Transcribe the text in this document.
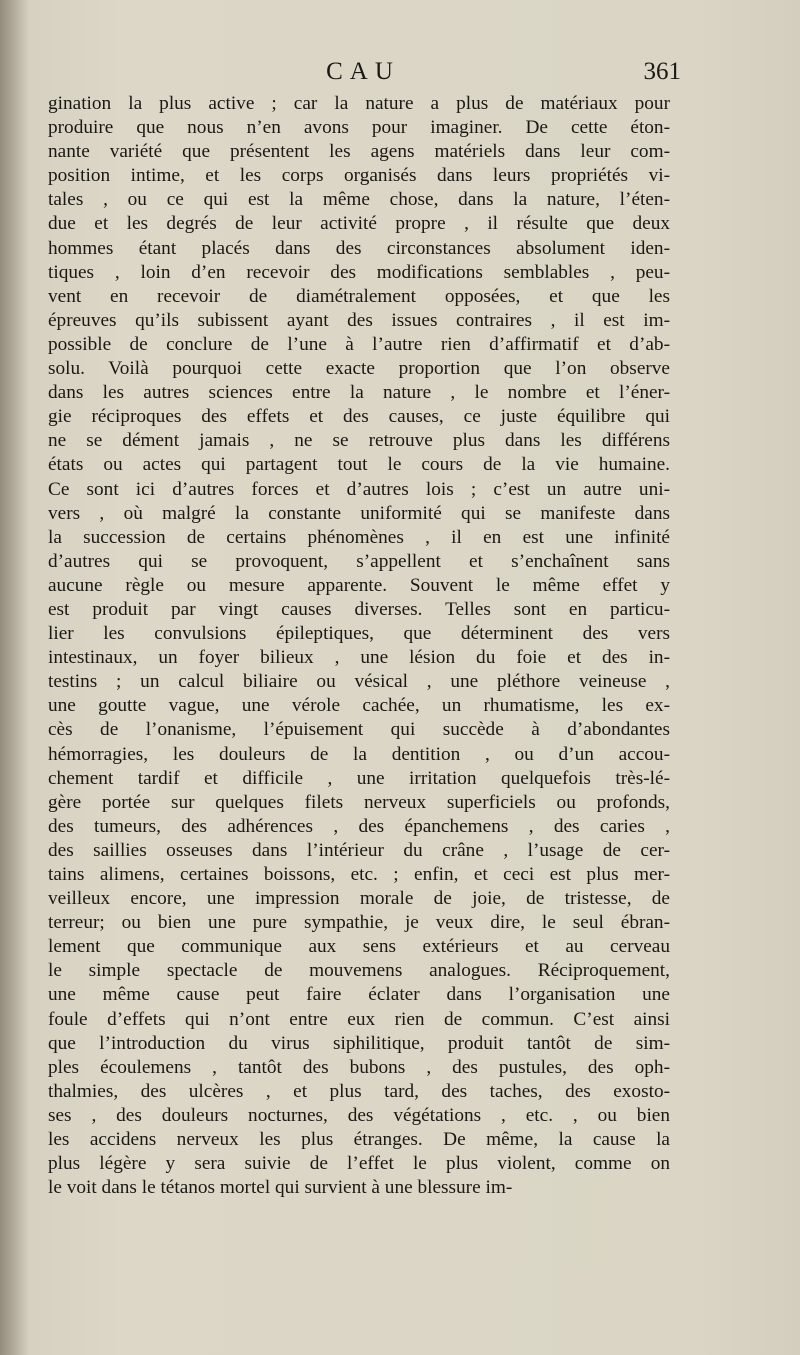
CAU	361
gination la plus active ; car la nature a plus de matériaux pour
produire que nous n’en avons pour imaginer. De cette éton-
nante variété que présentent les agens matériels dans leur com-
position intime, et les corps organisés dans leurs propriétés vi-
tales , ou ce qui est la même chose, dans la nature, l’éten-
due et les degrés de leur activité propre , il résulte que deux
hommes étant placés dans des circonstances absolument iden-
tiques , loin d’en recevoir des modifications semblables , peu-
vent en recevoir de diamétralement opposées, et que les
épreuves qu’ils subissent ayant des issues contraires , il est im-
possible de conclure de l’une à l’autre rien d’affirmatif et d’ab-
solu. Voilà pourquoi cette exacte proportion que l’on observe
dans les autres sciences entre la nature , le nombre et l’éner-
gie réciproques des effets et des causes, ce juste équilibre qui
ne se dément jamais , ne se retrouve plus dans les différens
états ou actes qui partagent tout le cours de la vie humaine.
Ce sont ici d’autres forces et d’autres lois ; c’est un autre uni-
vers , où malgré la constante uniformité qui se manifeste dans
la succession de certains phénomènes , il en est une infinité
d’autres qui se provoquent, s’appellent et s’enchaînent sans
aucune règle ou mesure apparente. Souvent le même effet y
est produit par vingt causes diverses. Telles sont en particu-
lier les convulsions épileptiques, que déterminent des vers
intestinaux, un foyer bilieux , une lésion du foie et des in-
testins ; un calcul biliaire ou vésical , une pléthore veineuse ,
une goutte vague, une vérole cachée, un rhumatisme, les ex-
cès de l’onanisme, l’épuisement qui succède à d’abondantes
hémorragies, les douleurs de la dentition , ou d’un accou-
chement tardif et difficile , une irritation quelquefois très-lé-
gère portée sur quelques filets nerveux superficiels ou profonds,
des tumeurs, des adhérences , des épanchemens , des caries ,
des saillies osseuses dans l’intérieur du crâne , l’usage de cer-
tains alimens, certaines boissons, etc. ; enfin, et ceci est plus mer-
veilleux encore, une impression morale de joie, de tristesse, de
terreur; ou bien une pure sympathie, je veux dire, le seul ébran-
lement que communique aux sens extérieurs et au cerveau
le simple spectacle de mouvemens analogues. Réciproquement,
une même cause peut faire éclater dans l’organisation une
foule d’effets qui n’ont entre eux rien de commun. C’est ainsi
que l’introduction du virus siphilitique, produit tantôt de sim-
ples écoulemens , tantôt des bubons , des pustules, des oph-
thalmies, des ulcères , et plus tard, des taches, des exosto-
ses , des douleurs nocturnes, des végétations , etc. , ou bien
les accidens nerveux les plus étranges. De même, la cause la
plus légère y sera suivie de l’effet le plus violent, comme on
le voit dans le tétanos mortel qui survient à une blessure im-
